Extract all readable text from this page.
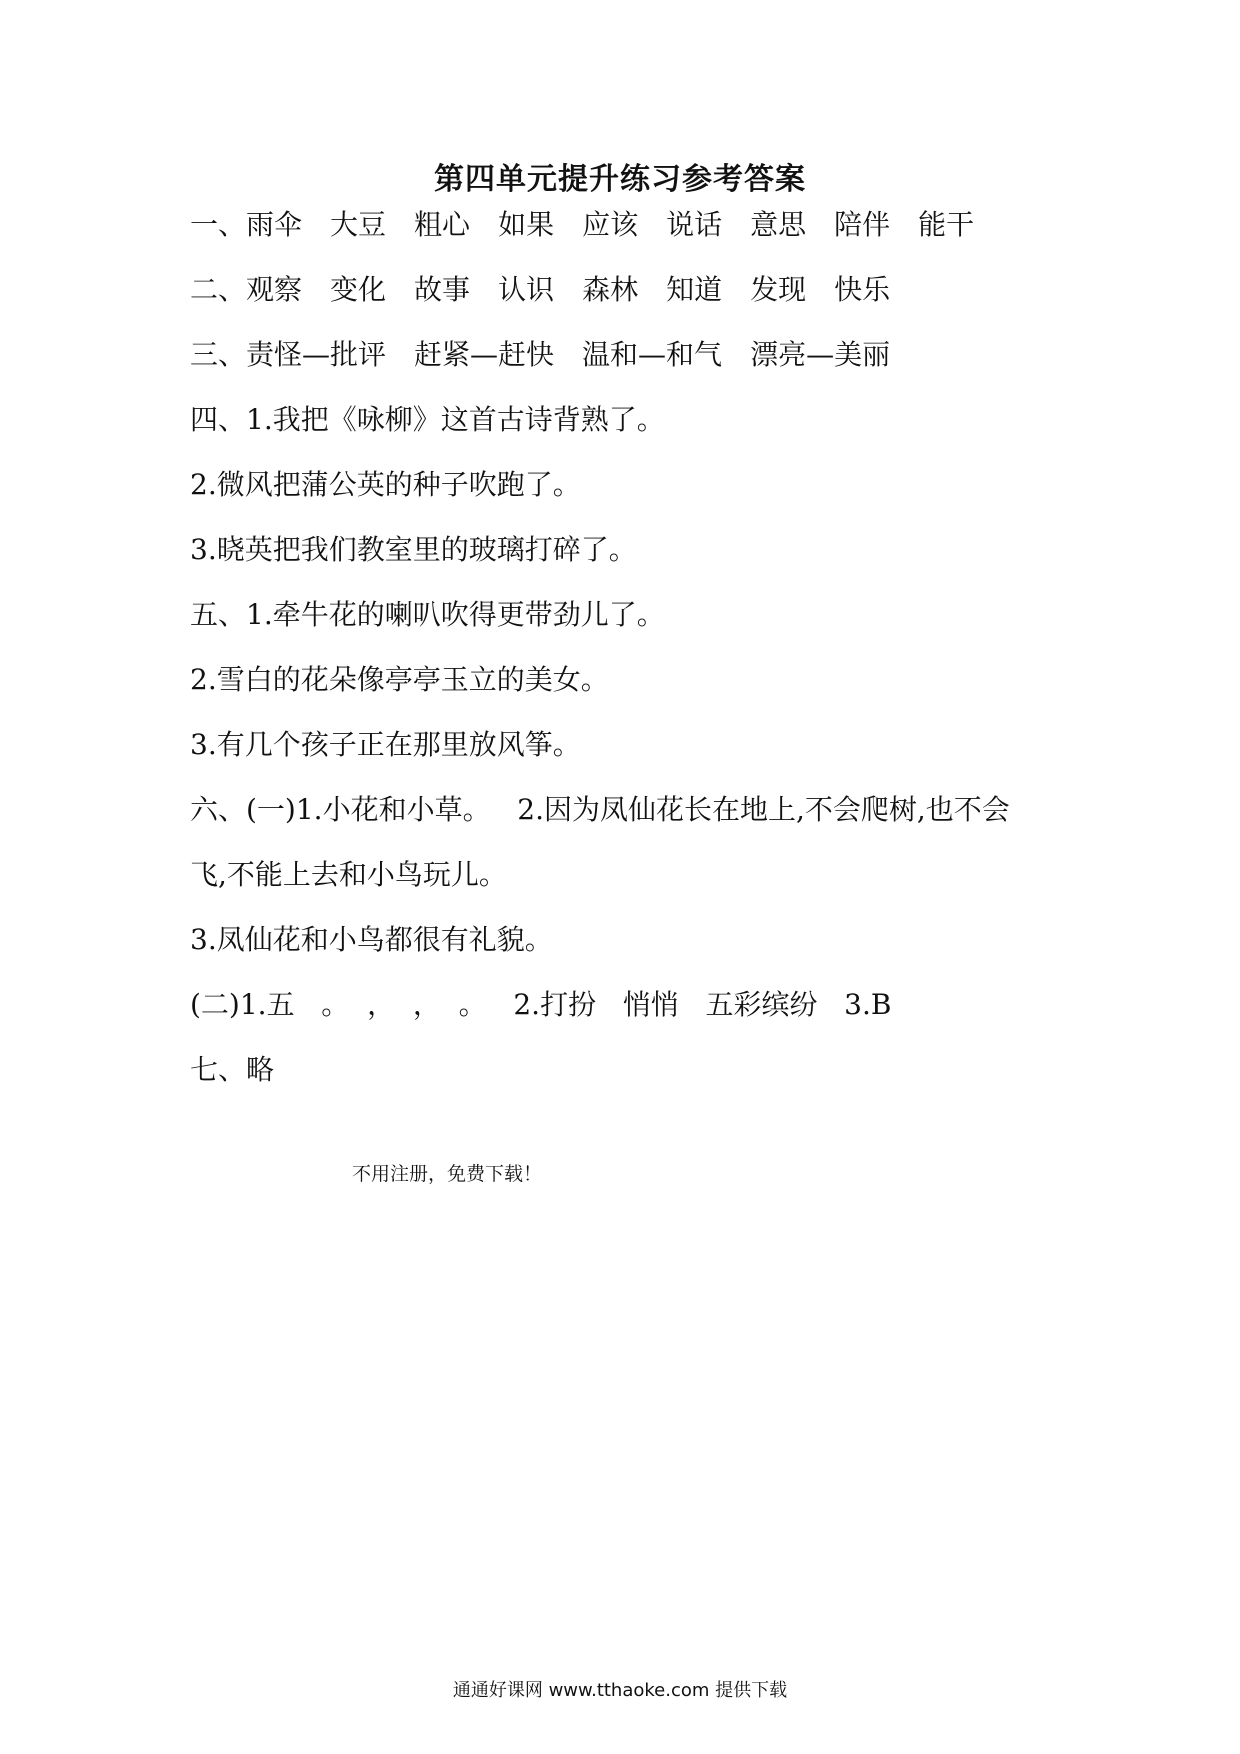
第四单元提升练习参考答案
一、雨伞 大豆 粗心 如果 应该 说话 意思 陪伴 能干
二、观察 变化 故事 认识 森林 知道 发现 快乐
三、责怪—批评 赶紧—赶快 温和—和气 漂亮—美丽
四、1.我把《咏柳》这首古诗背熟了。
2.微风把蒲公英的种子吹跑了。
3.晓英把我们教室里的玻璃打碎了。
五、1.牵牛花的喇叭吹得更带劲儿了。
2.雪白的花朵像亭亭玉立的美女。
3.有几个孩子正在那里放风筝。
六、(一)1.小花和小草。   2.因为凤仙花长在地上,不会爬树,也不会
飞,不能上去和小鸟玩儿。
3.凤仙花和小鸟都很有礼貌。
(二)1.五   。  ，  ，  。   2.打扮   悄悄   五彩缤纷   3.B
七、略
不用注册，免费下载！
通通好课网 www.tthaoke.com 提供下载
